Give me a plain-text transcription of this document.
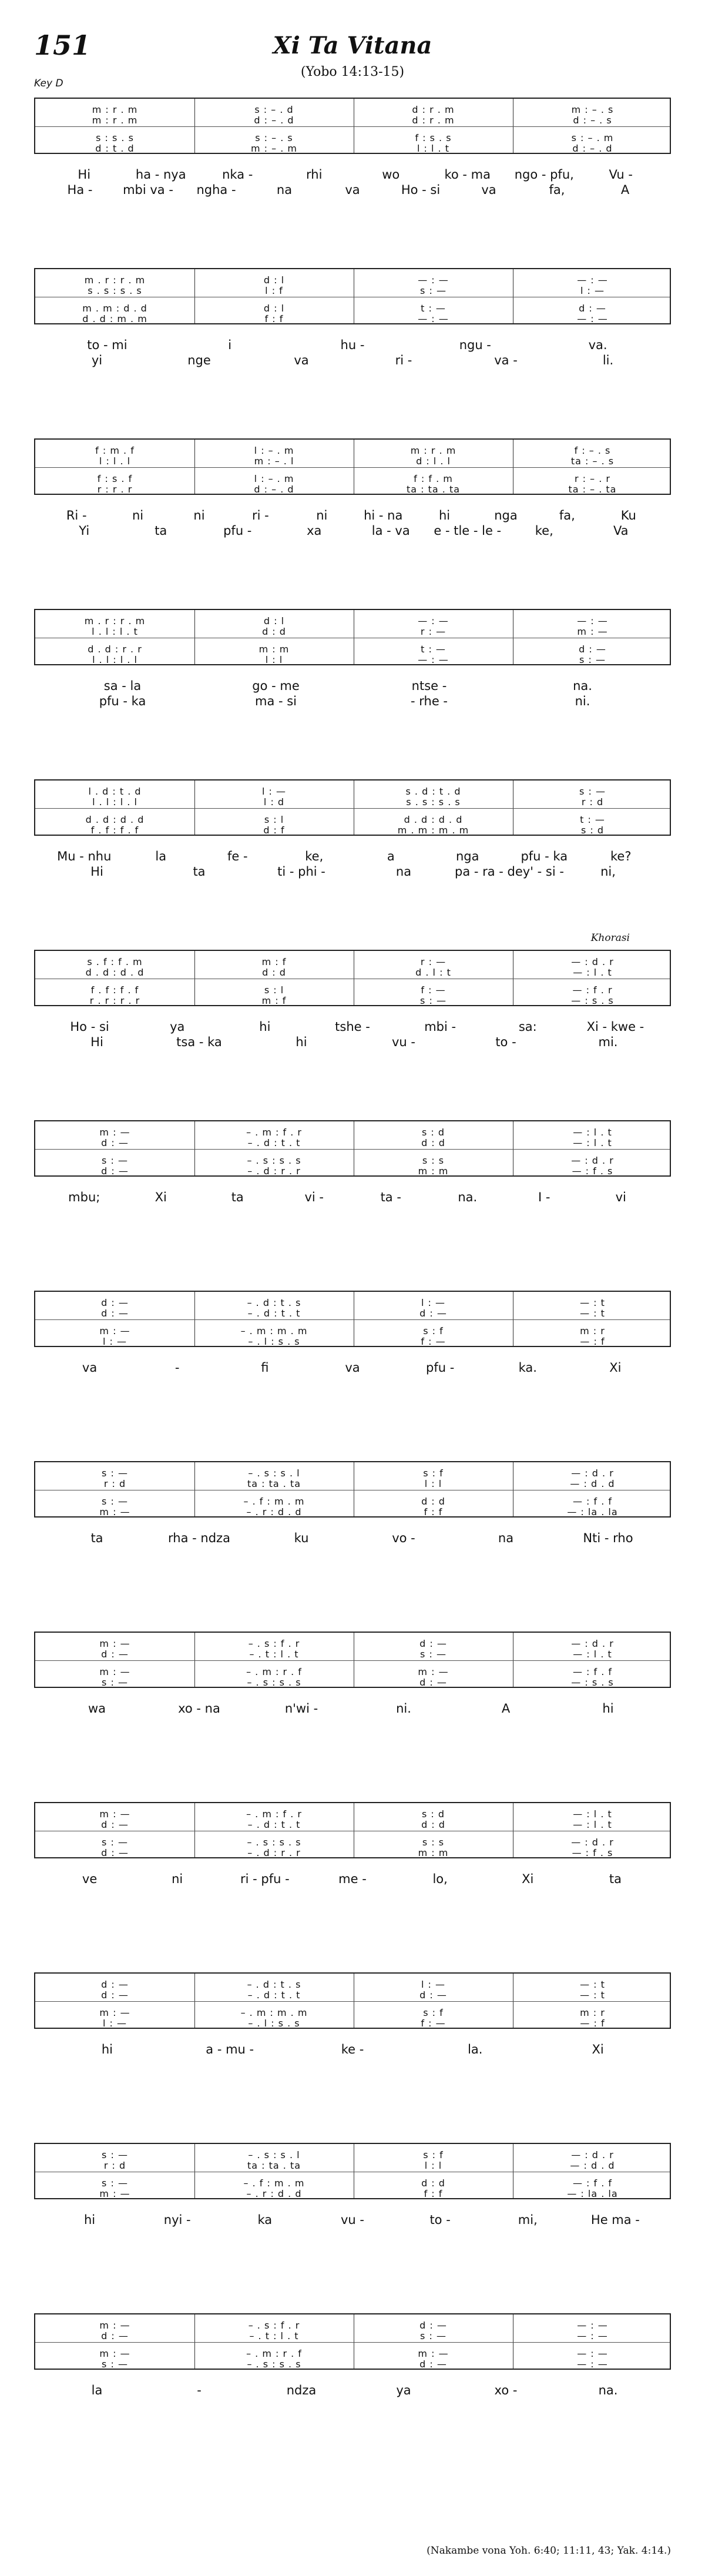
151	Xi Ta Vitana
(Yobo 14:13-15)
Key D
m : r . m	s : – . d	d : r . m	m : – . s
m : r . m	d : – . d	d : r . m	d : – . s
s : s . s	s : – . s	f : s . s	s : – . m
d : t . d	m : – . m	l : l . t	d : – . d
Hi	ha - nya	nka -	rhi	wo	ko - ma	ngo - pfu,	Vu -
Ha -	mbi va -	ngha -	na	va	Ho - si	va	fa,	A
m . r : r . m	d : l	— : —	— : —
s . s : s . s	l : f	s : —	l : —
m . m : d . d	d : l	t : —	d : —
d . d : m . m	f : f	— : —	— : —
to - mi	i	hu -	ngu -	va.
yi	nge	va	ri -	va -	li.
f : m . f	l : – . m	m : r . m	f : – . s
l : l . l	m : – . l	d : l . l	ta : – . s
f : s . f	l : – . m	f : f . m	r : – . r
r : r . r	d : – . d	ta : ta . ta	ta : – . ta
Ri -	ni	ni	ri -	ni	hi - na	hi	nga	fa,	Ku
Yi	ta	pfu -	xa	la - va	e - tle - le -	ke,	Va
m . r : r . m	d : l	— : —	— : —
l . l : l . t	d : d	r : —	m : —
d . d : r . r	m : m	t : —	d : —
l . l : l . l	l : l	— : —	s : —
sa - la	go - me	ntse -	na.
pfu - ka	ma - si	- rhe -	ni.
l . d : t . d	l : —	s . d : t . d	s : —
l . l : l . l	l : d	s . s : s . s	r : d
d . d : d . d	s : l	d . d : d . d	t : —
f . f : f . f	d : f	m . m : m . m	s : d
Mu - nhu	la	fe -	ke,	a	nga	pfu - ka	ke?
Hi	ta	ti - phi -	na	pa - ra - dey' - si -	ni,
Khorasi
s . f : f . m	m : f	r : —	— : d . r
d . d : d . d	d : d	d . l : t	— : l . t
f . f : f . f	s : l	f : —	— : f . r
r . r : r . r	m : f	s : —	— : s . s
Ho - si	ya	hi	tshe -	mbi -	sa:	Xi - kwe -
Hi	tsa - ka	hi	vu -	to -	mi.
m : —	– . m : f . r	s : d	— : l . t
d : —	– . d : t . t	d : d	— : l . t
s : —	– . s : s . s	s : s	— : d . r
d : —	– . d : r . r	m : m	— : f . s
mbu;	Xi	ta	vi -	ta -	na.	I -	vi
d : —	– . d : t . s	l : —	— : t
d : —	– . d : t . t	d : —	— : t
m : —	– . m : m . m	s : f	m : r
l : —	– . l : s . s	f : —	— : f
va	-	fi	va	pfu -	ka.	Xi
s : —	– . s : s . l	s : f	— : d . r
r : d	ta : ta . ta	l : l	— : d . d
s : —	– . f : m . m	d : d	— : f . f
m : —	– . r : d . d	f : f	— : la . la
ta	rha - ndza	ku	vo -	na	Nti - rho
m : —	– . s : f . r	d : —	— : d . r
d : —	– . t : l . t	s : —	— : l . t
m : —	– . m : r . f	m : —	— : f . f
s : —	– . s : s . s	d : —	— : s . s
wa	xo - na	n'wi -	ni.	A	hi
m : —	– . m : f . r	s : d	— : l . t
d : —	– . d : t . t	d : d	— : l . t
s : —	– . s : s . s	s : s	— : d . r
d : —	– . d : r . r	m : m	— : f . s
ve	ni	ri - pfu -	me -	lo,	Xi	ta
d : —	– . d : t . s	l : —	— : t
d : —	– . d : t . t	d : —	— : t
m : —	– . m : m . m	s : f	m : r
l : —	– . l : s . s	f : —	— : f
hi	a - mu -	ke -	la.	Xi
s : —	– . s : s . l	s : f	— : d . r
r : d	ta : ta . ta	l : l	— : d . d
s : —	– . f : m . m	d : d	— : f . f
m : —	– . r : d . d	f : f	— : la . la
hi	nyi -	ka	vu -	to -	mi,	He ma -
m : —	– . s : f . r	d : —	— : —
d : —	– . t : l . t	s : —	— : —
m : —	– . m : r . f	m : —	— : —
s : —	– . s : s . s	d : —	— : —
la	-	ndza	ya	xo -	na.
(Nakambe vona Yoh. 6:40; 11:11, 43; Yak. 4:14.)
